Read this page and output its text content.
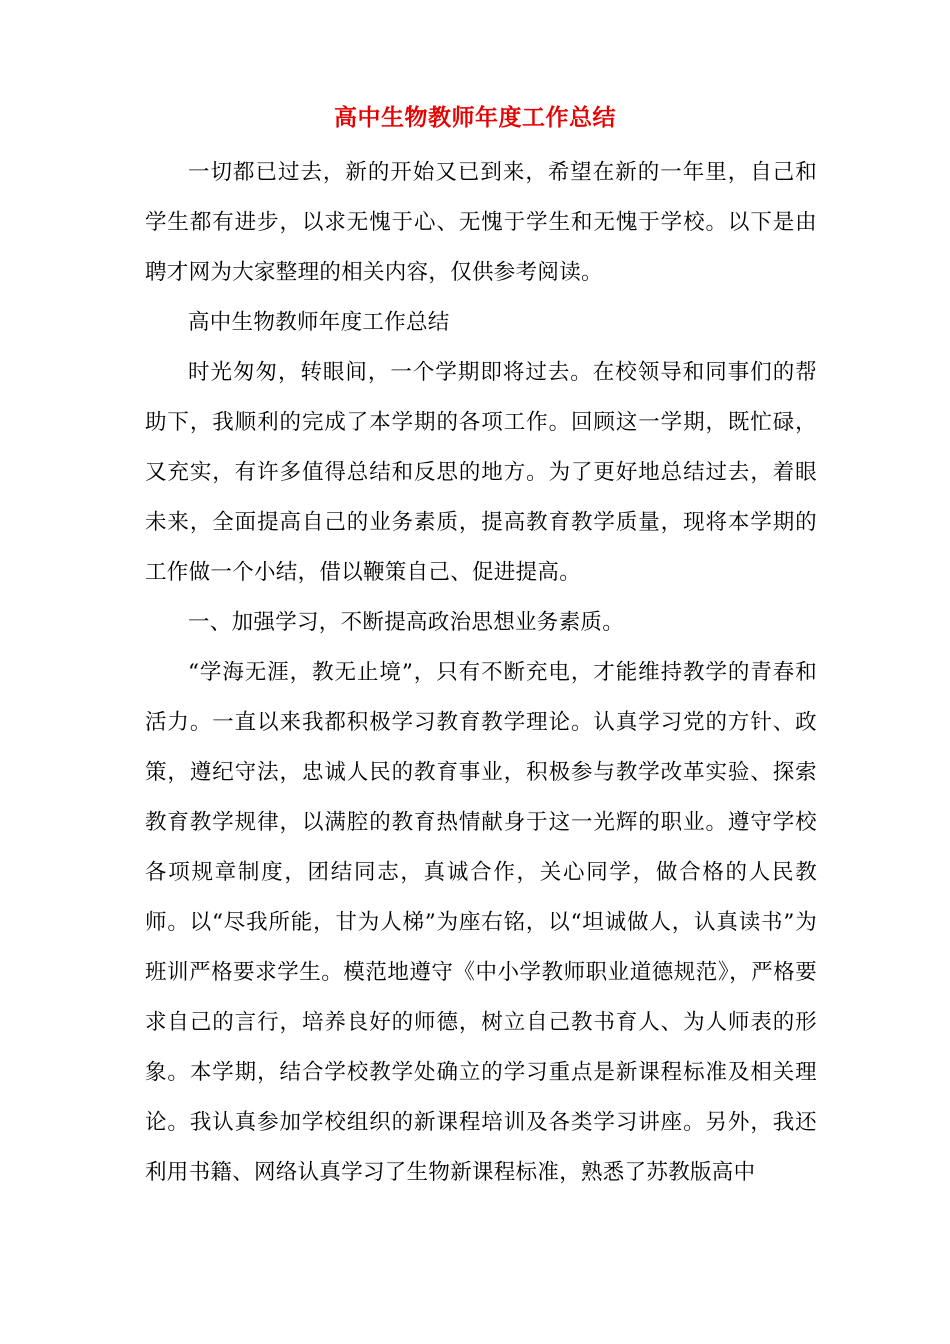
高中生物教师年度工作总结

一切都已过去，新的开始又已到来，希望在新的一年里，自己和学生都有进步，以求无愧于心、无愧于学生和无愧于学校。以下是由聘才网为大家整理的相关内容，仅供参考阅读。

高中生物教师年度工作总结

时光匆匆，转眼间，一个学期即将过去。在校领导和同事们的帮助下，我顺利的完成了本学期的各项工作。回顾这一学期，既忙碌，又充实，有许多值得总结和反思的地方。为了更好地总结过去，着眼未来，全面提高自己的业务素质，提高教育教学质量，现将本学期的工作做一个小结，借以鞭策自己、促进提高。

一、加强学习，不断提高政治思想业务素质。

“学海无涯，教无止境”，只有不断充电，才能维持教学的青春和活力。一直以来我都积极学习教育教学理论。认真学习党的方针、政策，遵纪守法，忠诚人民的教育事业，积极参与教学改革实验、探索教育教学规律，以满腔的教育热情献身于这一光辉的职业。遵守学校各项规章制度，团结同志，真诚合作，关心同学，做合格的人民教师。以“尽我所能，甘为人梯”为座右铭，以“坦诚做人，认真读书”为班训严格要求学生。模范地遵守《中小学教师职业道德规范》，严格要求自己的言行，培养良好的师德，树立自己教书育人、为人师表的形象。本学期，结合学校教学处确立的学习重点是新课程标准及相关理论。我认真参加学校组织的新课程培训及各类学习讲座。另外，我还利用书籍、网络认真学习了生物新课程标准，熟悉了苏教版高中
